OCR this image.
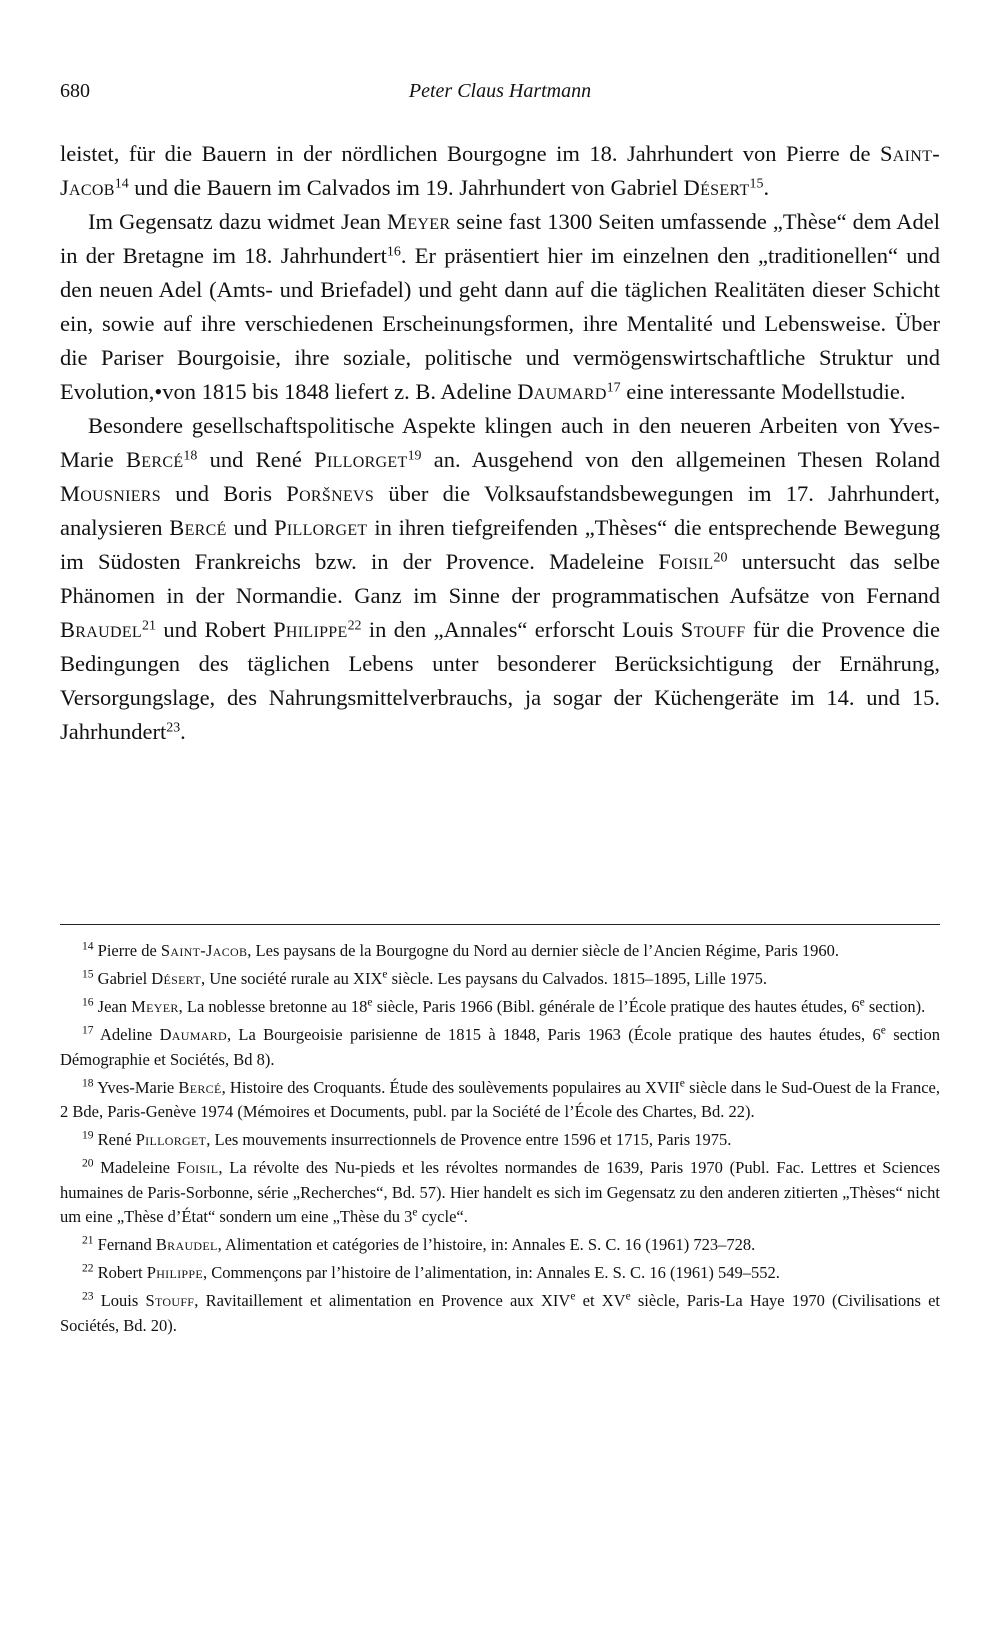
680	Peter Claus Hartmann

leistet, für die Bauern in der nördlichen Bourgogne im 18. Jahrhundert von Pierre de Saint-Jacob$^{14}$ und die Bauern im Calvados im 19. Jahrhundert von Gabriel Désert$^{15}$.

Im Gegensatz dazu widmet Jean Meyer seine fast 1300 Seiten umfassende „Thèse“ dem Adel in der Bretagne im 18. Jahrhundert$^{16}$. Er präsentiert hier im einzelnen den „traditionellen“ und den neuen Adel (Amts- und Briefadel) und geht dann auf die täglichen Realitäten dieser Schicht ein, sowie auf ihre verschiedenen Erscheinungsformen, ihre Mentalité und Lebensweise. Über die Pariser Bourgoisie, ihre soziale, politische und vermögenswirtschaftliche Struktur und Evolution,•von 1815 bis 1848 liefert z. B. Adeline Daumard$^{17}$ eine interessante Modellstudie.

Besondere gesellschaftspolitische Aspekte klingen auch in den neueren Arbeiten von Yves-Marie Bercé$^{18}$ und René Pillorget$^{19}$ an. Ausgehend von den allgemeinen Thesen Roland Mousniers und Boris Poršnevs über die Volksaufstandsbewegungen im 17. Jahrhundert, analysieren Bercé und Pillorget in ihren tiefgreifenden „Thèses“ die entsprechende Bewegung im Südosten Frankreichs bzw. in der Provence. Madeleine Foisil$^{20}$ untersucht das selbe Phänomen in der Normandie. Ganz im Sinne der programmatischen Aufsätze von Fernand Braudel$^{21}$ und Robert Philippe$^{22}$ in den „Annales“ erforscht Louis Stouff für die Provence die Bedingungen des täglichen Lebens unter besonderer Berücksichtigung der Ernährung, Versorgungslage, des Nahrungsmittelverbrauchs, ja sogar der Küchengeräte im 14. und 15. Jahrhundert$^{23}$.

$^{14}$ Pierre de Saint-Jacob, Les paysans de la Bourgogne du Nord au dernier siècle de l’Ancien Régime, Paris 1960.

$^{15}$ Gabriel Désert, Une société rurale au XIXe siècle. Les paysans du Calvados. 1815–1895, Lille 1975.

$^{16}$ Jean Meyer, La noblesse bretonne au 18e siècle, Paris 1966 (Bibl. générale de l’École pratique des hautes études, 6e section).

$^{17}$ Adeline Daumard, La Bourgeoisie parisienne de 1815 à 1848, Paris 1963 (École pratique des hautes études, 6e section Démographie et Sociétés, Bd 8).

$^{18}$ Yves-Marie Bercé, Histoire des Croquants. Étude des soulèvements populaires au XVIIe siècle dans le Sud-Ouest de la France, 2 Bde, Paris-Genève 1974 (Mémoires et Documents, publ. par la Société de l’École des Chartes, Bd. 22).

$^{19}$ René Pillorget, Les mouvements insurrectionnels de Provence entre 1596 et 1715, Paris 1975.

$^{20}$ Madeleine Foisil, La révolte des Nu-pieds et les révoltes normandes de 1639, Paris 1970 (Publ. Fac. Lettres et Sciences humaines de Paris-Sorbonne, série „Recherches“, Bd. 57). Hier handelt es sich im Gegensatz zu den anderen zitierten „Thèses“ nicht um eine „Thèse d’État“ sondern um eine „Thèse du 3e cycle“.

$^{21}$ Fernand Braudel, Alimentation et catégories de l’histoire, in: Annales E. S. C. 16 (1961) 723–728.

$^{22}$ Robert Philippe, Commençons par l’histoire de l’alimentation, in: Annales E. S. C. 16 (1961) 549–552.

$^{23}$ Louis Stouff, Ravitaillement et alimentation en Provence aux XIVe et XVe siècle, Paris-La Haye 1970 (Civilisations et Sociétés, Bd. 20).
